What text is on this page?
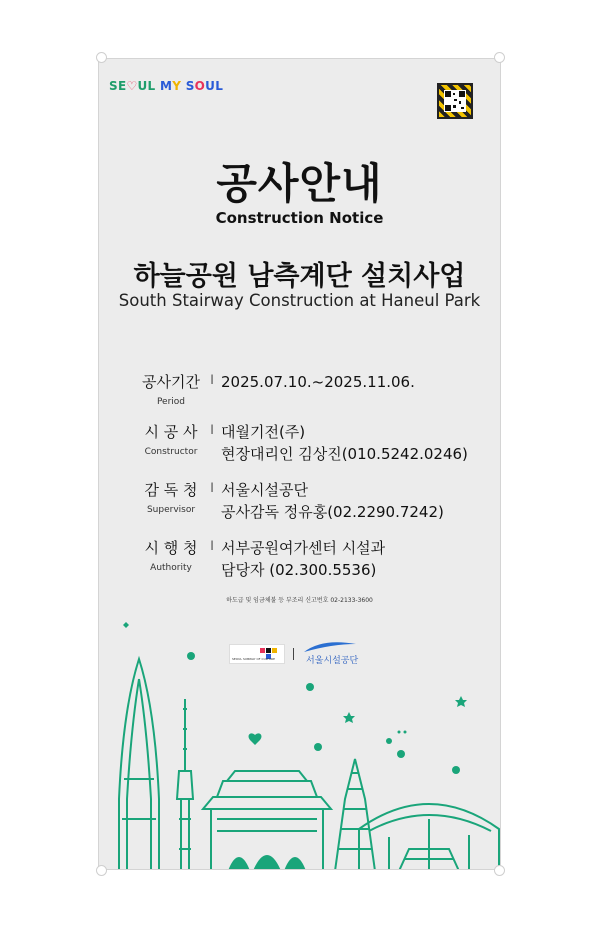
SE♡UL MY SOUL
공사안내
Construction Notice
하늘공원 남측계단 설치사업
South Stairway Construction at Haneul Park
공사기간
Period
l 2025.07.10.~2025.11.06.
시 공 사
Constructor
l 대월기전(주)
현장대리인 김상진(010.5242.0246)
감 독 청
Supervisor
l 서울시설공단
공사감독 정유홍(02.2290.7242)
시 행 청
Authority
l 서부공원여가센터 시설과
담당자 (02.300.5536)
하도급 및 임금체불 등 부조리 신고번호 02-2133-3600
SEOUL SUBWAY OF CULTURE	서울시설공단
